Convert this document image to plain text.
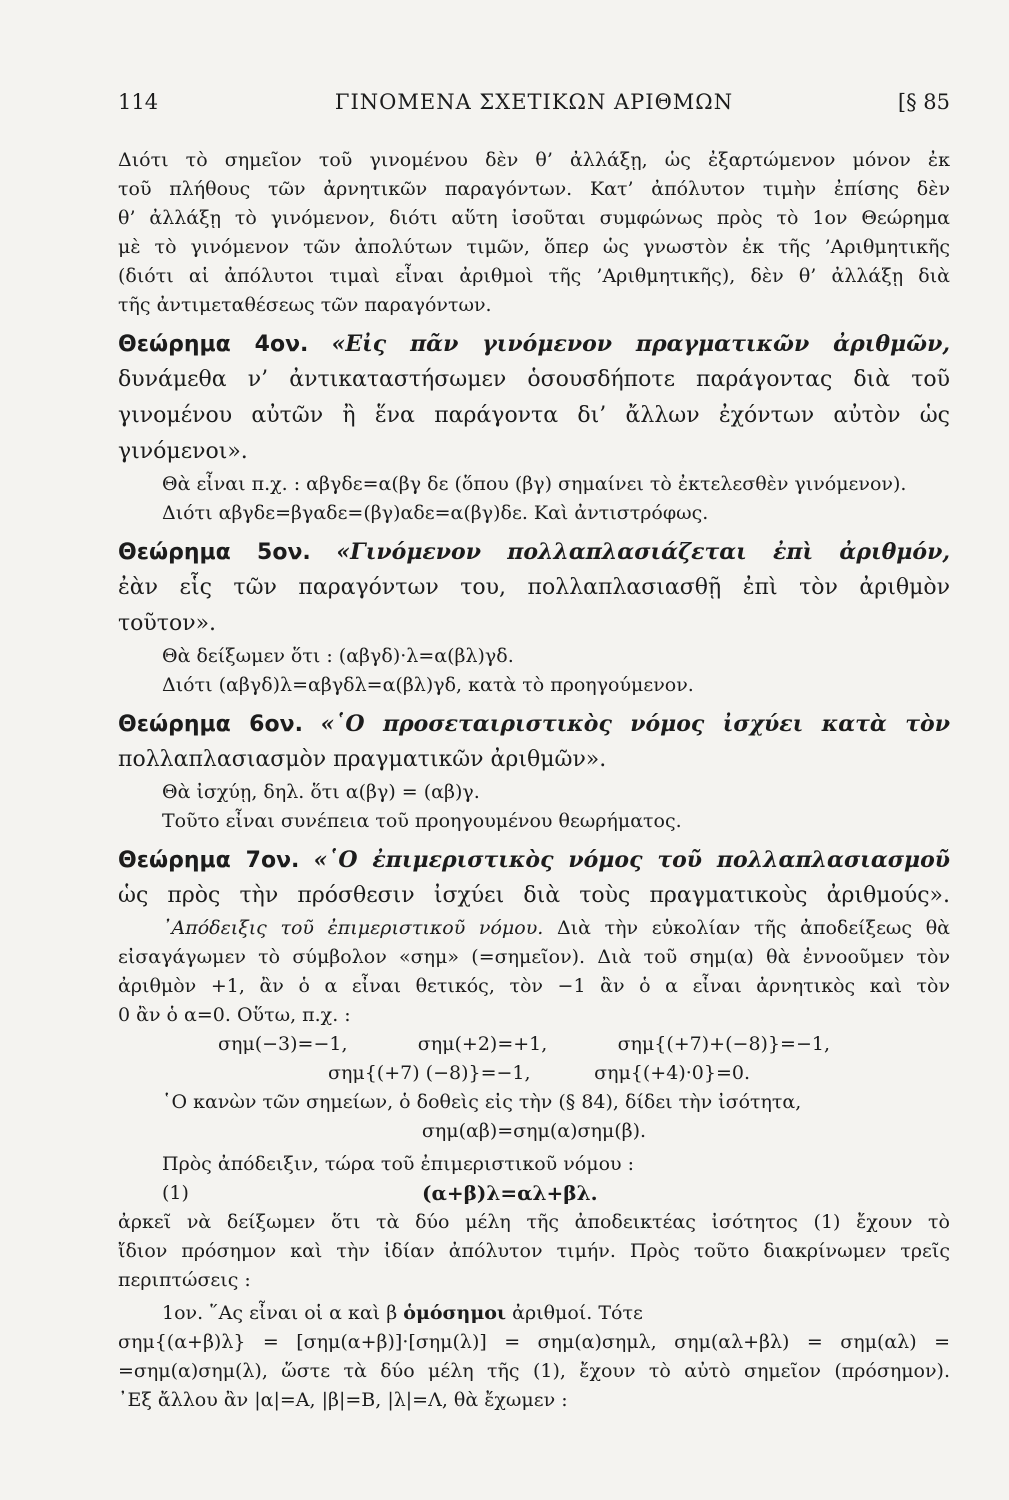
114	ΓΙΝΟΜΕΝΑ ΣΧΕΤΙΚΩΝ ΑΡΙΘΜΩΝ	[§ 85
Διότι τὸ σημεῖον τοῦ γινομένου δὲν θ’ ἀλλάξῃ, ὡς ἐξαρτώμενον μόνον ἐκ
τοῦ πλήθους τῶν ἀρνητικῶν παραγόντων. Κατ’ ἀπόλυτον τιμὴν ἐπίσης δὲν
θ’ ἀλλάξῃ τὸ γινόμενον, διότι αὕτη ἰσοῦται συμφώνως πρὸς τὸ 1ον Θεώρημα
μὲ τὸ γινόμενον τῶν ἀπολύτων τιμῶν, ὅπερ ὡς γνωστὸν ἐκ τῆς ’Αριθμητικῆς
(διότι αἱ ἀπόλυτοι τιμαὶ εἶναι ἀριθμοὶ τῆς ’Αριθμητικῆς), δὲν θ’ ἀλλάξῃ διὰ
τῆς ἀντιμεταθέσεως τῶν παραγόντων.
Θεώρημα 4ον. «Εἰς πᾶν γινόμενον πραγματικῶν ἀριθμῶν,
δυνάμεθα ν’ ἀντικαταστήσωμεν ὁσουσδήποτε παράγοντας διὰ τοῦ
γινομένου αὐτῶν ἢ ἕνα παράγοντα δι’ ἄλλων ἐχόντων αὐτὸν ὡς
γινόμενοι».
Θὰ εἶναι π.χ. : αβγδε=α(βγ δε (ὅπου (βγ) σημαίνει τὸ ἐκτελεσθὲν γινόμενον).
Διότι αβγδε=βγαδε=(βγ)αδε=α(βγ)δε. Καὶ ἀντιστρόφως.
Θεώρημα 5ον. «Γινόμενον πολλαπλασιάζεται ἐπὶ ἀριθμόν,
ἐὰν εἷς τῶν παραγόντων του, πολλαπλασιασθῇ ἐπὶ τὸν ἀριθμὸν
τοῦτον».
Θὰ δείξωμεν ὅτι : (αβγδ)·λ=α(βλ)γδ.
Διότι (αβγδ)λ=αβγδλ=α(βλ)γδ, κατὰ τὸ προηγούμενον.
Θεώρημα 6ον. «῾Ο προσεταιριστικὸς νόμος ἰσχύει κατὰ τὸν
πολλαπλασιασμὸν πραγματικῶν ἀριθμῶν».
Θὰ ἰσχύῃ, δηλ. ὅτι α(βγ) = (αβ)γ.
Τοῦτο εἶναι συνέπεια τοῦ προηγουμένου θεωρήματος.
Θεώρημα 7ον. «῾Ο ἐπιμεριστικὸς νόμος τοῦ πολλαπλασιασμοῦ
ὡς πρὸς τὴν πρόσθεσιν ἰσχύει διὰ τοὺς πραγματικοὺς ἀριθμούς».
᾿Απόδειξις τοῦ ἐπιμεριστικοῦ νόμου. Διὰ τὴν εὐκολίαν τῆς ἀποδείξεως θὰ
εἰσαγάγωμεν τὸ σύμβολον «σημ» (=σημεῖον). Διὰ τοῦ σημ(α) θὰ ἐννοοῦμεν τὸν
ἀριθμὸν +1, ἂν ὁ α εἶναι θετικός, τὸν −1 ἂν ὁ α εἶναι ἀρνητικὸς καὶ τὸν
0 ἂν ὁ α=0. Οὕτω, π.χ. :
σημ(−3)=−1,	σημ(+2)=+1,	σημ{(+7)+(−8)}=−1,
σημ{(+7) (−8)}=−1,	σημ{(+4)·0}=0.
῾Ο κανὼν τῶν σημείων, ὁ δοθεὶς εἰς τὴν (§ 84), δίδει τὴν ἰσότητα,
σημ(αβ)=σημ(α)σημ(β).
Πρὸς ἀπόδειξιν, τώρα τοῦ ἐπιμεριστικοῦ νόμου :
(1)	(α+β)λ=αλ+βλ.
ἀρκεῖ νὰ δείξωμεν ὅτι τὰ δύο μέλη τῆς ἀποδεικτέας ἰσότητος (1) ἔχουν τὸ
ἴδιον πρόσημον καὶ τὴν ἰδίαν ἀπόλυτον τιμήν. Πρὸς τοῦτο διακρίνωμεν τρεῖς
περιπτώσεις :
1ον. ῞Ας εἶναι οἱ α καὶ β ὁμόσημοι ἀριθμοί. Τότε
σημ{(α+β)λ} = [σημ(α+β)]·[σημ(λ)] = σημ(α)σημλ, σημ(αλ+βλ) = σημ(αλ) =
=σημ(α)σημ(λ), ὥστε τὰ δύο μέλη τῆς (1), ἔχουν τὸ αὐτὸ σημεῖον (πρόσημον).
᾿Εξ ἄλλου ἂν |α|=Α, |β|=Β, |λ|=Λ, θὰ ἔχωμεν :
